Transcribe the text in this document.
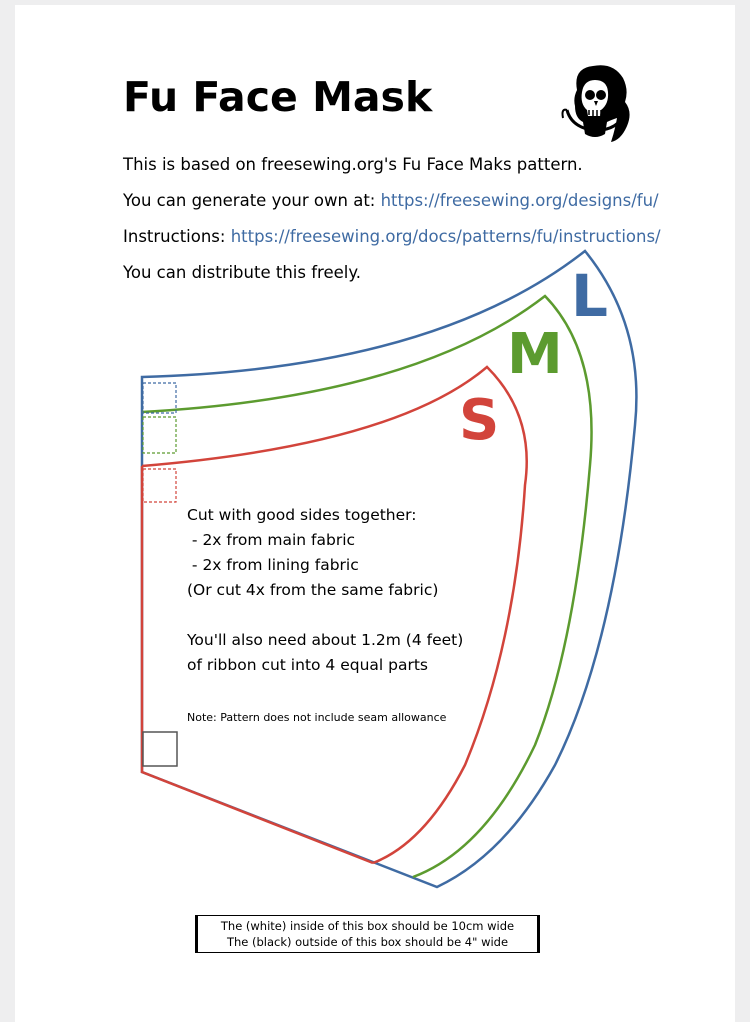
Fu Face Mask
This is based on freesewing.org's Fu Face Maks pattern.
You can generate your own at: https://freesewing.org/designs/fu/
Instructions: https://freesewing.org/docs/patterns/fu/instructions/
You can distribute this freely.
S
M
L
Cut with good sides together:
- 2x from main fabric
- 2x from lining fabric
(Or cut 4x from the same fabric)

You'll also need about 1.2m (4 feet)
of ribbon cut into 4 equal parts
Note: Pattern does not include seam allowance
The (white) inside of this box should be 10cm wide
The (black) outside of this box should be 4" wide
